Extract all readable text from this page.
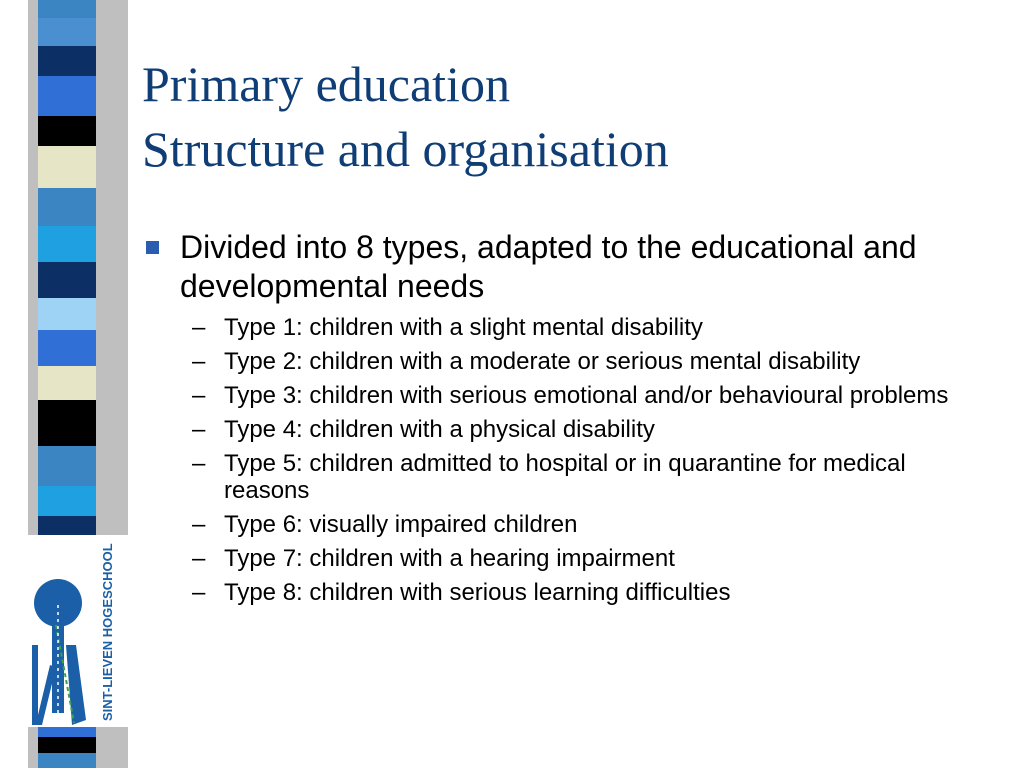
SINT-LIEVEN HOGESCHOOL
Primary education
Structure and organisation
Divided into 8 types, adapted to the educational and developmental needs
– Type 1: children with a slight mental disability
– Type 2: children with a moderate or serious mental disability
– Type 3: children with serious emotional and/or behavioural problems
– Type 4: children with a physical disability
– Type 5: children admitted to hospital or in quarantine for medical reasons
– Type 6: visually impaired children
– Type 7: children with a hearing impairment
– Type 8: children with serious learning difficulties
